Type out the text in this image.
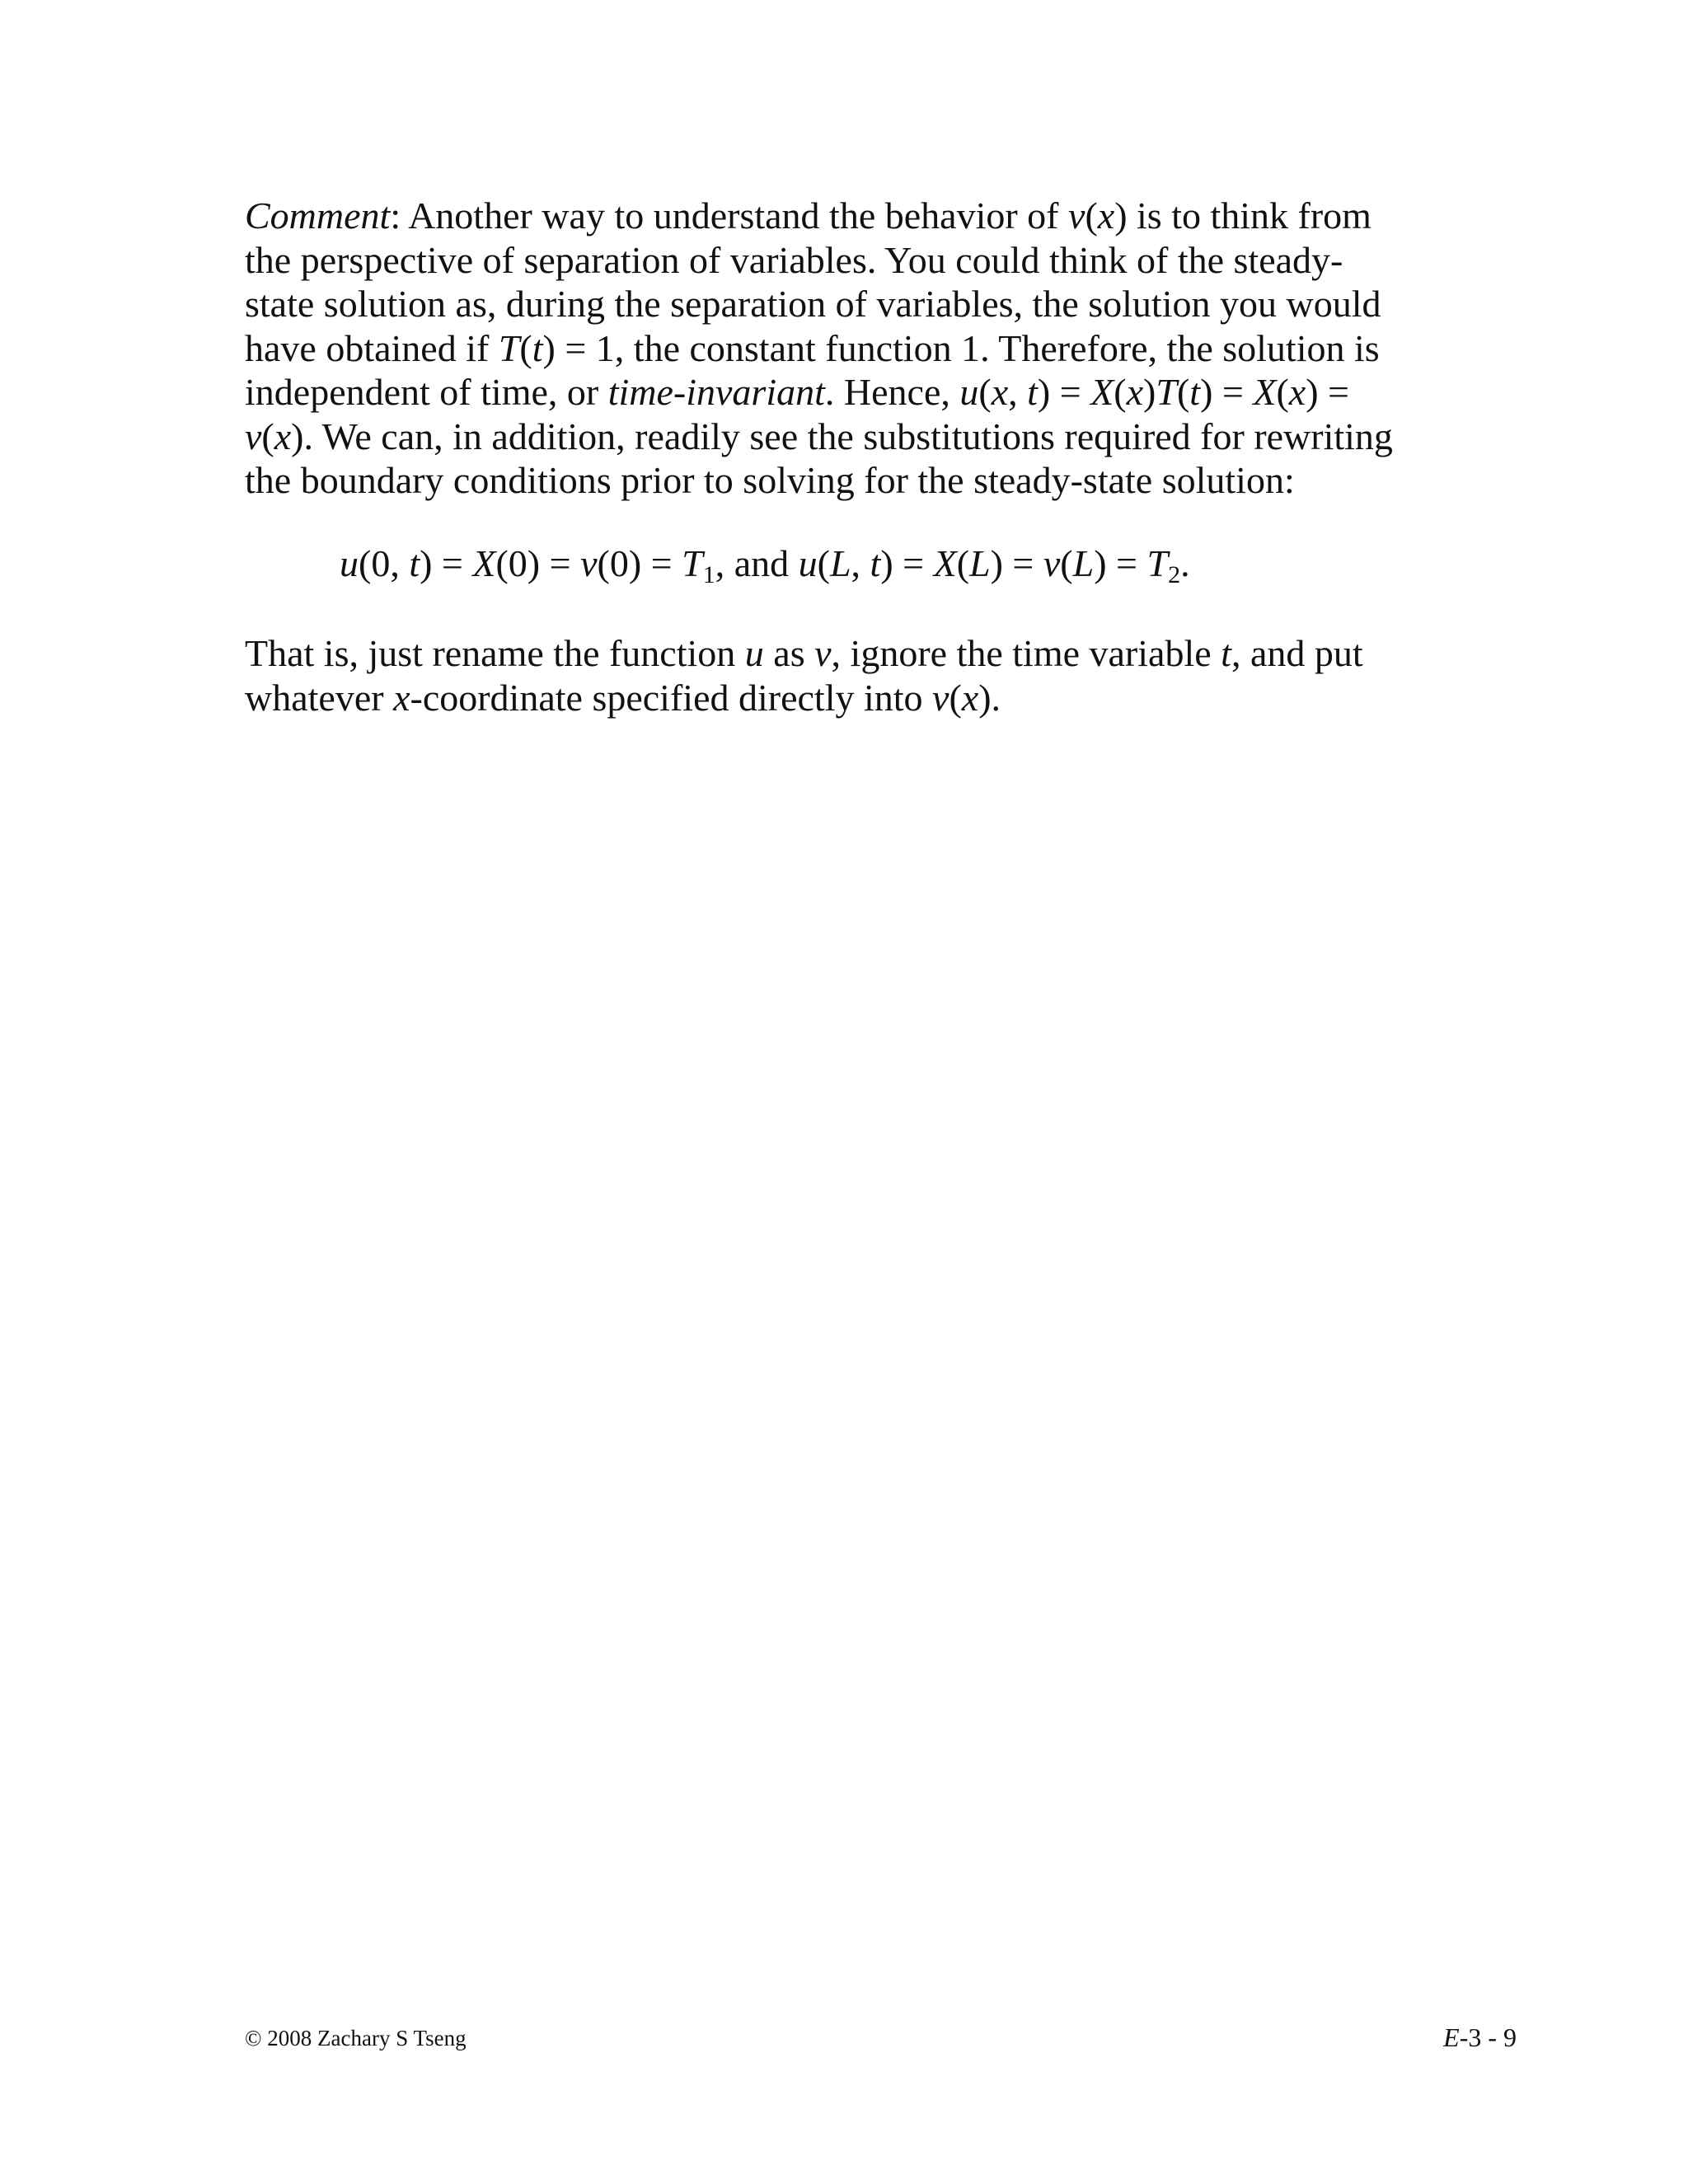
Comment: Another way to understand the behavior of v(x) is to think from
the perspective of separation of variables. You could think of the steady-
state solution as, during the separation of variables, the solution you would
have obtained if T(t) = 1, the constant function 1. Therefore, the solution is
independent of time, or time-invariant. Hence, u(x, t) = X(x)T(t) = X(x) =
v(x). We can, in addition, readily see the substitutions required for rewriting
the boundary conditions prior to solving for the steady-state solution:

u(0, $t) = X(0) = v(0) = T_1$, and u(L, $t) = X(L) = v(L) = T_2$.
That is, just rename the function u as v, ignore the time variable t, and put
whatever x-coordinate specified directly into v(x).
© 2008 Zachary S Tseng	E-3 - 9
